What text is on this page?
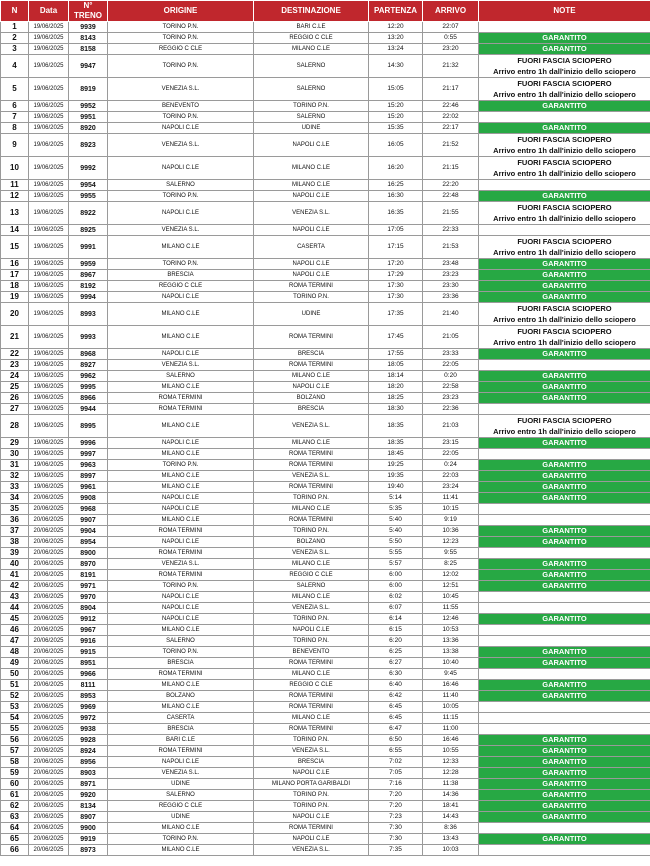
N	Data	N° TRENO	ORIGINE	DESTINAZIONE	PARTENZA	ARRIVO	NOTE
1	19/06/2025	9939	TORINO P.N.	BARI C.LE	12:20	22:07	
2	19/06/2025	8143	TORINO P.N.	REGGIO C CLE	13:20	0:55	GARANTITO
3	19/06/2025	8158	REGGIO C CLE	MILANO C.LE	13:24	23:20	GARANTITO
4	19/06/2025	9947	TORINO P.N.	SALERNO	14:30	21:32	FUORI FASCIA SCIOPERO
Arrivo entro 1h dall'inizio dello sciopero

5	19/06/2025	8919	VENEZIA S.L.	SALERNO	15:05	21:17	FUORI FASCIA SCIOPERO
Arrivo entro 1h dall'inizio dello sciopero

6	19/06/2025	9952	BENEVENTO	TORINO P.N.	15:20	22:46	GARANTITO
7	19/06/2025	9951	TORINO P.N.	SALERNO	15:20	22:02	
8	19/06/2025	8920	NAPOLI C.LE	UDINE	15:35	22:17	GARANTITO
9	19/06/2025	8923	VENEZIA S.L.	NAPOLI C.LE	16:05	21:52	FUORI FASCIA SCIOPERO
Arrivo entro 1h dall'inizio dello sciopero

10	19/06/2025	9992	NAPOLI C.LE	MILANO C.LE	16:20	21:15	FUORI FASCIA SCIOPERO
Arrivo entro 1h dall'inizio dello sciopero

11	19/06/2025	9954	SALERNO	MILANO C.LE	16:25	22:20	
12	19/06/2025	9955	TORINO P.N.	NAPOLI C.LE	16:30	22:48	GARANTITO
13	19/06/2025	8922	NAPOLI C.LE	VENEZIA S.L.	16:35	21:55	FUORI FASCIA SCIOPERO
Arrivo entro 1h dall'inizio dello sciopero

14	19/06/2025	8925	VENEZIA S.L.	NAPOLI C.LE	17:05	22:33	
15	19/06/2025	9991	MILANO C.LE	CASERTA	17:15	21:53	FUORI FASCIA SCIOPERO
Arrivo entro 1h dall'inizio dello sciopero

16	19/06/2025	9959	TORINO P.N.	NAPOLI C.LE	17:20	23:48	GARANTITO
17	19/06/2025	8967	BRESCIA	NAPOLI C.LE	17:29	23:23	GARANTITO
18	19/06/2025	8192	REGGIO C CLE	ROMA TERMINI	17:30	23:30	GARANTITO
19	19/06/2025	9994	NAPOLI C.LE	TORINO P.N.	17:30	23:36	GARANTITO
20	19/06/2025	8993	MILANO C.LE	UDINE	17:35	21:40	FUORI FASCIA SCIOPERO
Arrivo entro 1h dall'inizio dello sciopero

21	19/06/2025	9993	MILANO C.LE	ROMA TERMINI	17:45	21:05	FUORI FASCIA SCIOPERO
Arrivo entro 1h dall'inizio dello sciopero

22	19/06/2025	8968	NAPOLI C.LE	BRESCIA	17:55	23:33	GARANTITO
23	19/06/2025	8927	VENEZIA S.L.	ROMA TERMINI	18:05	22:05	
24	19/06/2025	9962	SALERNO	MILANO C.LE	18:14	0:20	GARANTITO
25	19/06/2025	9995	MILANO C.LE	NAPOLI C.LE	18:20	22:58	GARANTITO
26	19/06/2025	8966	ROMA TERMINI	BOLZANO	18:25	23:23	GARANTITO
27	19/06/2025	9944	ROMA TERMINI	BRESCIA	18:30	22:36	
28	19/06/2025	8995	MILANO C.LE	VENEZIA S.L.	18:35	21:03	FUORI FASCIA SCIOPERO
Arrivo entro 1h dall'inizio dello sciopero

29	19/06/2025	9996	NAPOLI C.LE	MILANO C.LE	18:35	23:15	GARANTITO
30	19/06/2025	9997	MILANO C.LE	ROMA TERMINI	18:45	22:05	
31	19/06/2025	9963	TORINO P.N.	ROMA TERMINI	19:25	0:24	GARANTITO
32	19/06/2025	8997	MILANO C.LE	VENEZIA S.L.	19:35	22:03	GARANTITO
33	19/06/2025	9961	MILANO C.LE	ROMA TERMINI	19:40	23:24	GARANTITO
34	20/06/2025	9908	NAPOLI C.LE	TORINO P.N.	5:14	11:41	GARANTITO
35	20/06/2025	9968	NAPOLI C.LE	MILANO C.LE	5:35	10:15	
36	20/06/2025	9907	MILANO C.LE	ROMA TERMINI	5:40	9:19	
37	20/06/2025	9904	ROMA TERMINI	TORINO P.N.	5:40	10:36	GARANTITO
38	20/06/2025	8954	NAPOLI C.LE	BOLZANO	5:50	12:23	GARANTITO
39	20/06/2025	8900	ROMA TERMINI	VENEZIA S.L.	5:55	9:55	
40	20/06/2025	8970	VENEZIA S.L.	MILANO C.LE	5:57	8:25	GARANTITO
41	20/06/2025	8191	ROMA TERMINI	REGGIO C CLE	6:00	12:02	GARANTITO
42	20/06/2025	9971	TORINO P.N.	SALERNO	6:00	12:51	GARANTITO
43	20/06/2025	9970	NAPOLI C.LE	MILANO C.LE	6:02	10:45	
44	20/06/2025	8904	NAPOLI C.LE	VENEZIA S.L.	6:07	11:55	
45	20/06/2025	9912	NAPOLI C.LE	TORINO P.N.	6:14	12:46	GARANTITO
46	20/06/2025	9967	MILANO C.LE	NAPOLI C.LE	6:15	10:53	
47	20/06/2025	9916	SALERNO	TORINO P.N.	6:20	13:36	
48	20/06/2025	9915	TORINO P.N.	BENEVENTO	6:25	13:38	GARANTITO
49	20/06/2025	8951	BRESCIA	ROMA TERMINI	6:27	10:40	GARANTITO
50	20/06/2025	9966	ROMA TERMINI	MILANO C.LE	6:30	9:45	
51	20/06/2025	8111	MILANO C.LE	REGGIO C CLE	6:40	16:46	GARANTITO
52	20/06/2025	8953	BOLZANO	ROMA TERMINI	6:42	11:40	GARANTITO
53	20/06/2025	9969	MILANO C.LE	ROMA TERMINI	6:45	10:05	
54	20/06/2025	9972	CASERTA	MILANO C.LE	6:45	11:15	
55	20/06/2025	9938	BRESCIA	ROMA TERMINI	6:47	11:00	
56	20/06/2025	9928	BARI C.LE	TORINO P.N.	6:50	16:46	GARANTITO
57	20/06/2025	8924	ROMA TERMINI	VENEZIA S.L.	6:55	10:55	GARANTITO
58	20/06/2025	8956	NAPOLI C.LE	BRESCIA	7:02	12:33	GARANTITO
59	20/06/2025	8903	VENEZIA S.L.	NAPOLI C.LE	7:05	12:28	GARANTITO
60	20/06/2025	8971	UDINE	MILANO PORTA GARIBALDI	7:16	11:38	GARANTITO
61	20/06/2025	9920	SALERNO	TORINO P.N.	7:20	14:36	GARANTITO
62	20/06/2025	8134	REGGIO C CLE	TORINO P.N.	7:20	18:41	GARANTITO
63	20/06/2025	8907	UDINE	NAPOLI C.LE	7:23	14:43	GARANTITO
64	20/06/2025	9900	MILANO C.LE	ROMA TERMINI	7:30	8:36	
65	20/06/2025	9919	TORINO P.N.	NAPOLI C.LE	7:30	13:43	GARANTITO
66	20/06/2025	8973	MILANO C.LE	VENEZIA S.L.	7:35	10:03	
